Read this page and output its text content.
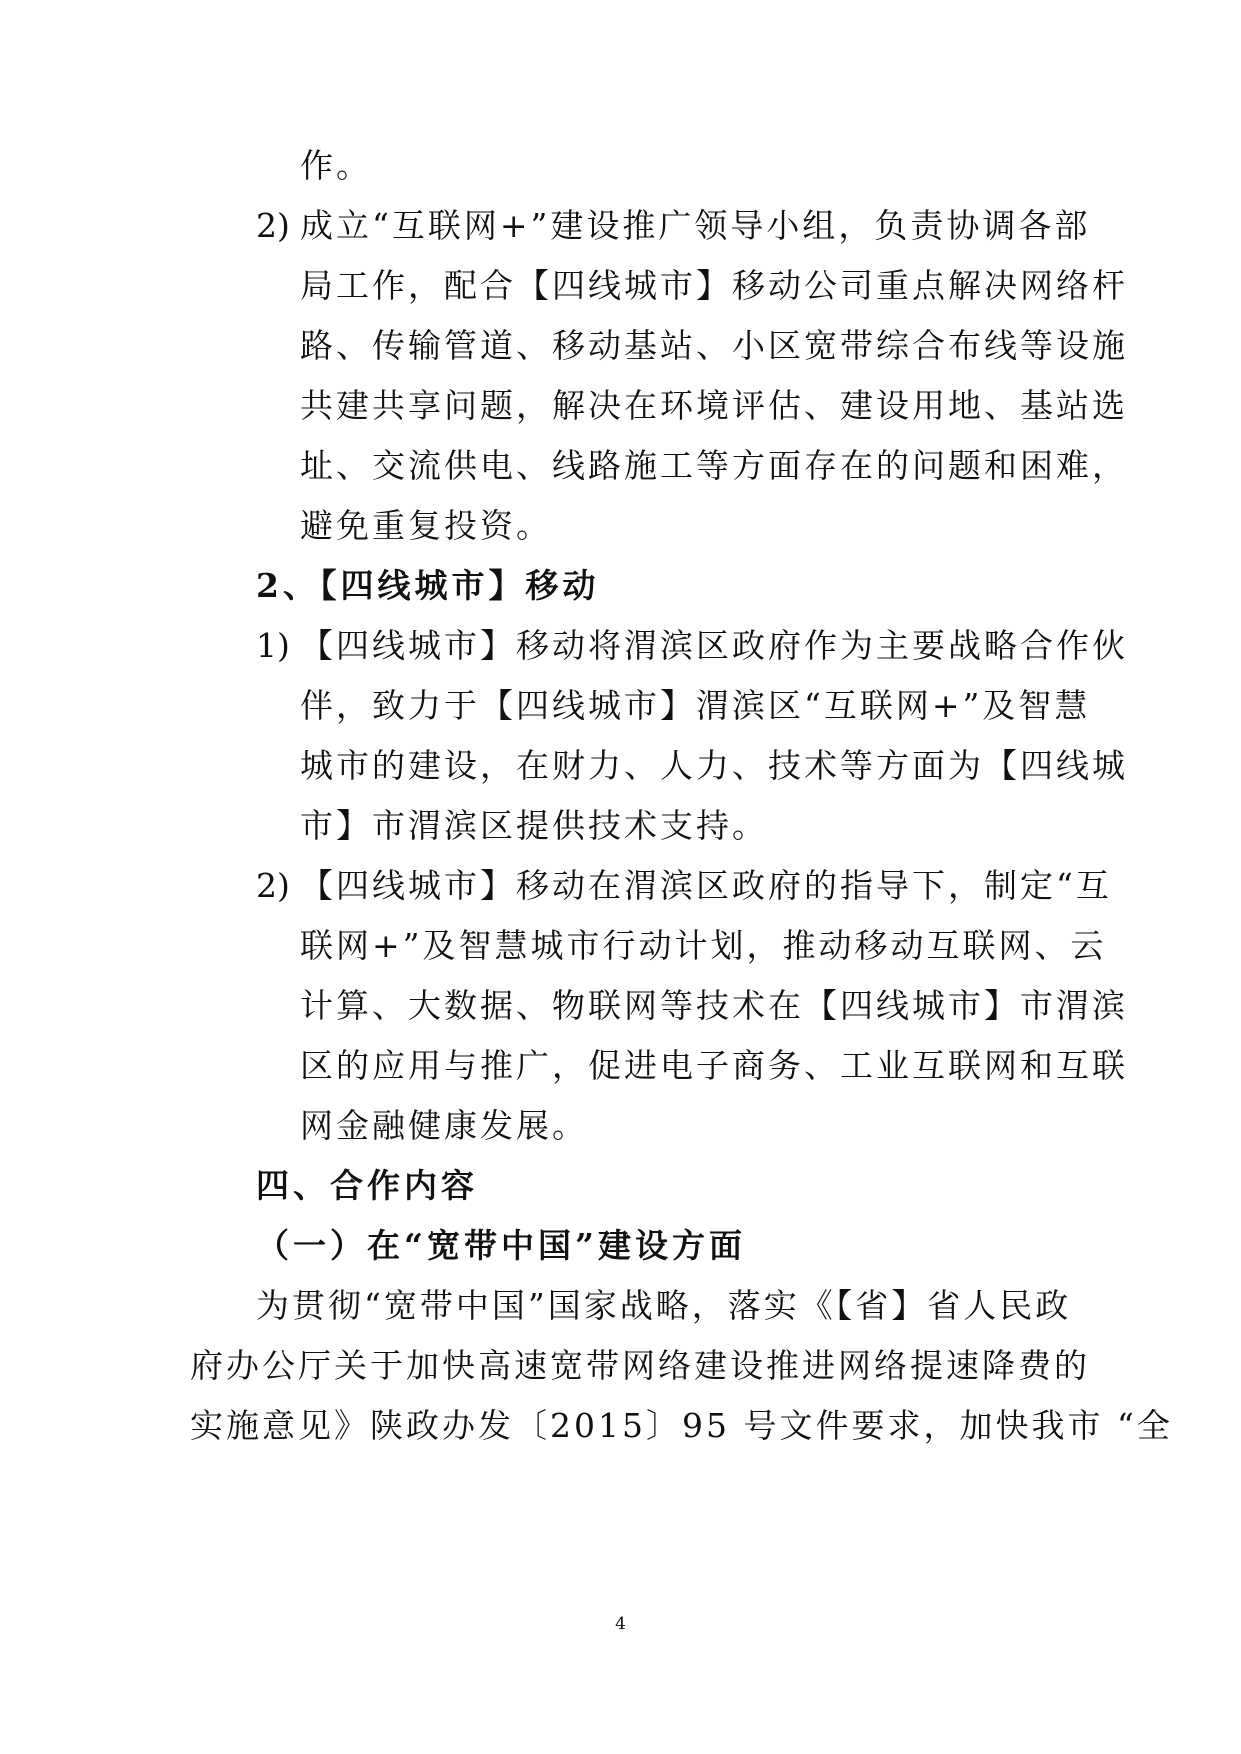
作。
2) 成立“互联网+”建设推广领导小组，负责协调各部
局工作，配合【四线城市】移动公司重点解决网络杆
路、传输管道、移动基站、小区宽带综合布线等设施
共建共享问题，解决在环境评估、建设用地、基站选
址、交流供电、线路施工等方面存在的问题和困难，
避免重复投资。
2、【四线城市】移动
1) 【四线城市】移动将渭滨区政府作为主要战略合作伙
伴，致力于【四线城市】渭滨区“互联网+”及智慧
城市的建设，在财力、人力、技术等方面为【四线城
市】市渭滨区提供技术支持。
2) 【四线城市】移动在渭滨区政府的指导下，制定“互
联网+”及智慧城市行动计划，推动移动互联网、云
计算、大数据、物联网等技术在【四线城市】市渭滨
区的应用与推广，促进电子商务、工业互联网和互联
网金融健康发展。
四、合作内容
（一）在“宽带中国”建设方面
为贯彻“宽带中国”国家战略，落实《【省】省人民政
府办公厅关于加快高速宽带网络建设推进网络提速降费的
实施意见》陕政办发〔2015〕95 号文件要求，加快我市 “全
4
